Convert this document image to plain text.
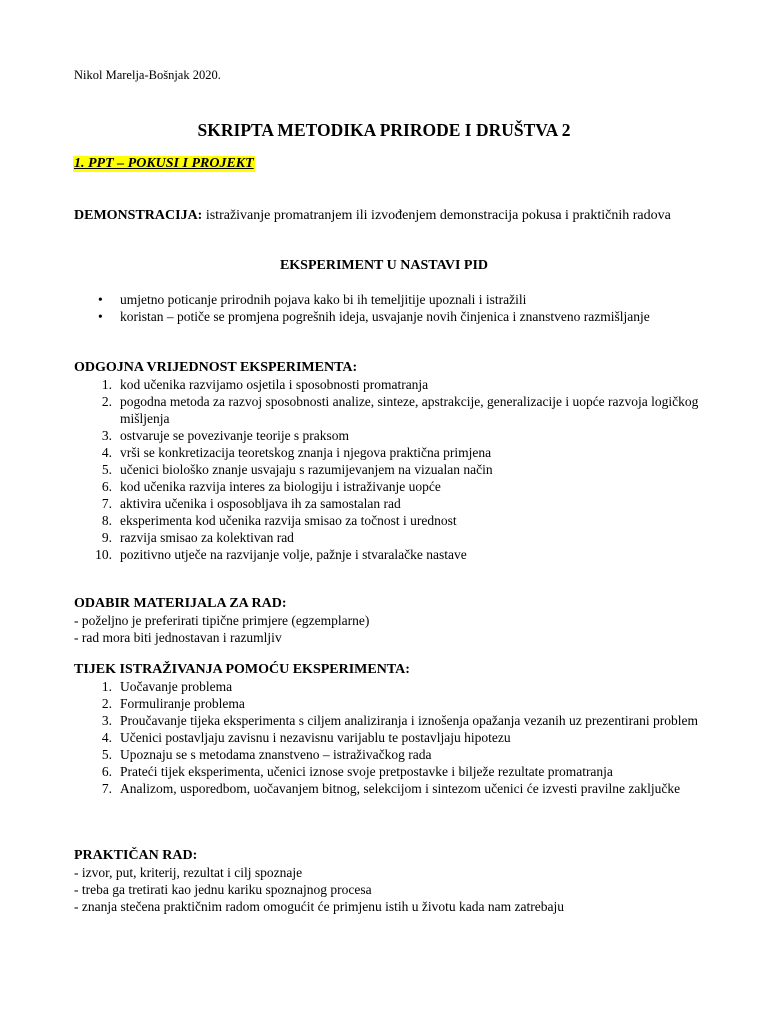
Nikol Marelja-Bošnjak 2020.
SKRIPTA METODIKA PRIRODE I DRUŠTVA 2
1. PPT – POKUSI I PROJEKT
DEMONSTRACIJA: istraživanje promatranjem ili izvođenjem demonstracija pokusa i praktičnih radova
EKSPERIMENT U NASTAVI PID
• umjetno poticanje prirodnih pojava kako bi ih temeljitije upoznali i istražili
• koristan – potiče se promjena pogrešnih ideja, usvajanje novih činjenica i znanstveno razmišljanje
ODGOJNA VRIJEDNOST EKSPERIMENTA:
1. kod učenika razvijamo osjetila i sposobnosti promatranja
2. pogodna metoda za razvoj sposobnosti analize, sinteze, apstrakcije, generalizacije i uopće razvoja logičkog mišljenja
3. ostvaruje se povezivanje teorije s praksom
4. vrši se konkretizacija teoretskog znanja i njegova praktična primjena
5. učenici biološko znanje usvajaju s razumijevanjem na vizualan način
6. kod učenika razvija interes za biologiju i istraživanje uopće
7. aktivira učenika i osposobljava ih za samostalan rad
8. eksperimenta kod učenika razvija smisao za točnost i urednost
9. razvija smisao za kolektivan rad
10. pozitivno utječe na razvijanje volje, pažnje i stvaralačke nastave
ODABIR MATERIJALA ZA RAD:
- poželjno je preferirati tipične primjere (egzemplarne)
- rad mora biti jednostavan i razumljiv
TIJEK ISTRAŽIVANJA POMOĆU EKSPERIMENTA:
1. Uočavanje problema
2. Formuliranje problema
3. Proučavanje tijeka eksperimenta s ciljem analiziranja i iznošenja opažanja vezanih uz prezentirani problem
4. Učenici postavljaju zavisnu i nezavisnu varijablu te postavljaju hipotezu
5. Upoznaju se s metodama znanstveno – istraživačkog rada
6. Prateći tijek eksperimenta, učenici iznose svoje pretpostavke i bilježe rezultate promatranja
7. Analizom, usporedbom, uočavanjem bitnog, selekcijom i sintezom učenici će izvesti pravilne zaključke
PRAKTIČAN RAD:
- izvor, put, kriterij, rezultat i cilj spoznaje
- treba ga tretirati kao jednu kariku spoznajnog procesa
- znanja stečena praktičnim radom omogućit će primjenu istih u životu kada nam zatrebaju
